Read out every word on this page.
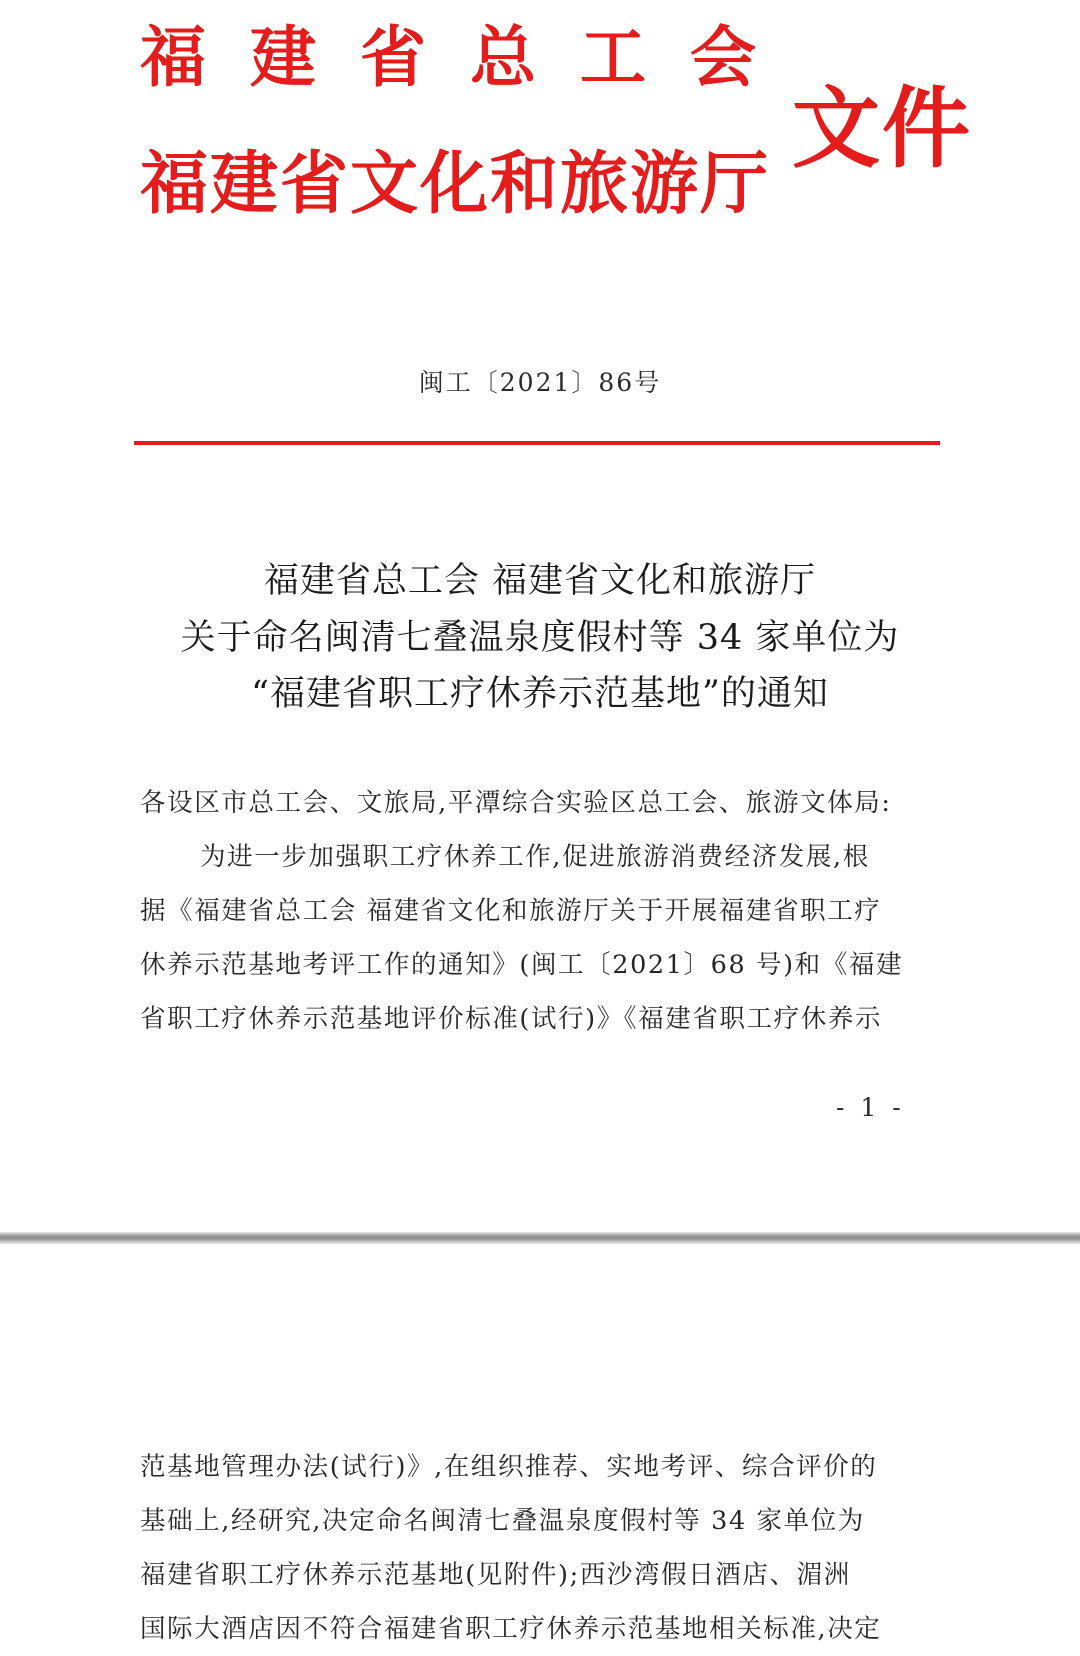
福建省总工会
福建省文化和旅游厅
文件

闽工〔2021〕86号

福建省总工会 福建省文化和旅游厅
关于命名闽清七叠温泉度假村等 34 家单位为
“福建省职工疗休养示范基地”的通知

各设区市总工会、文旅局,平潭综合实验区总工会、旅游文体局:

为进一步加强职工疗休养工作,促进旅游消费经济发展,根

据《福建省总工会 福建省文化和旅游厅关于开展福建省职工疗

休养示范基地考评工作的通知》(闽工〔2021〕68 号)和《福建

省职工疗休养示范基地评价标准(试行)》《福建省职工疗休养示

- 1 -

范基地管理办法(试行)》,在组织推荐、实地考评、综合评价的

基础上,经研究,决定命名闽清七叠温泉度假村等 34 家单位为

福建省职工疗休养示范基地(见附件);西沙湾假日酒店、湄洲

国际大酒店因不符合福建省职工疗休养示范基地相关标准,决定
